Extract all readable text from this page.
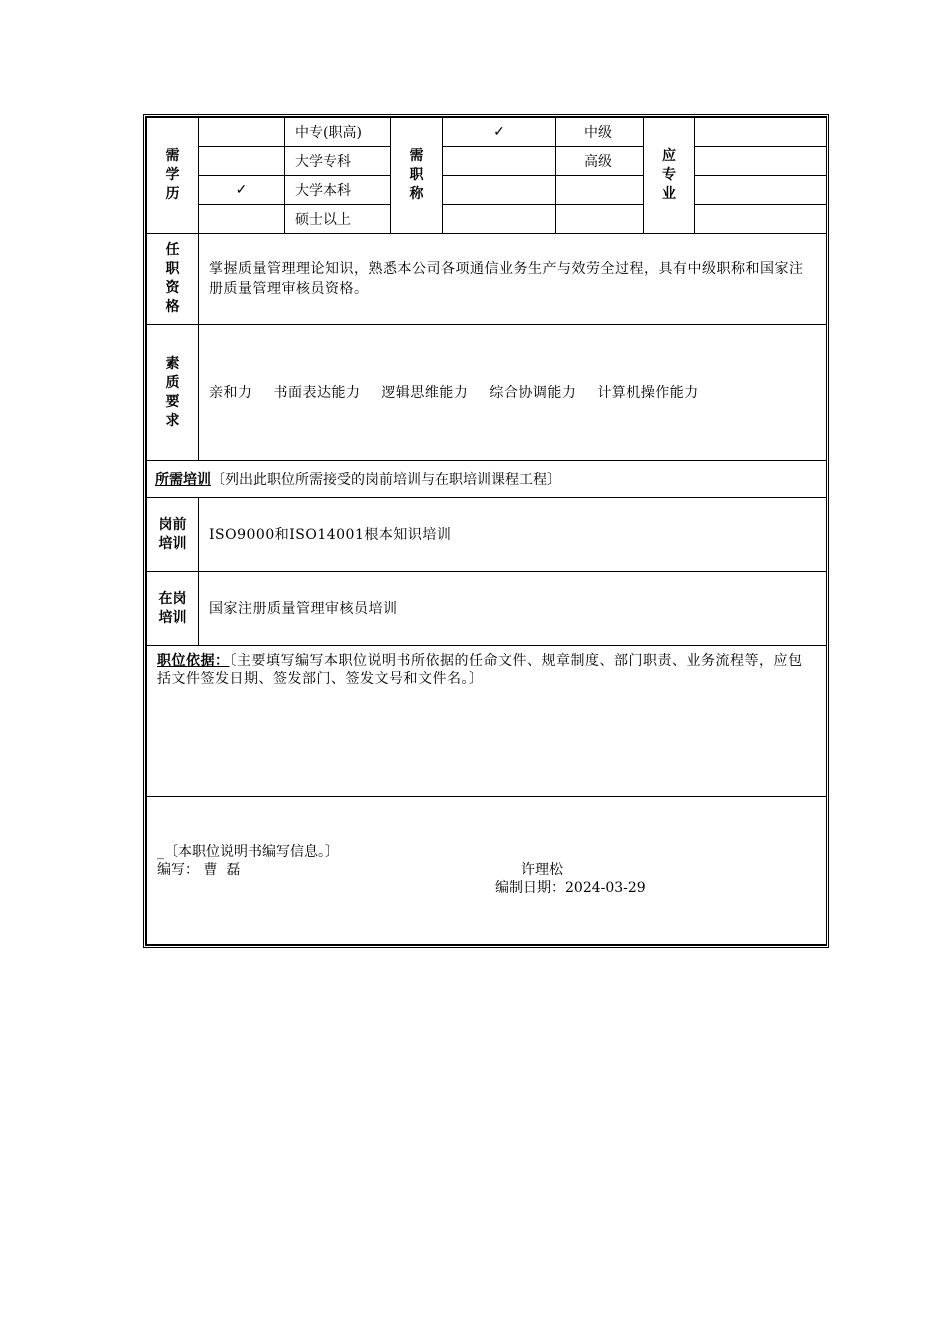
需学历		中专(职高)	需职称	✓	中级	应专业	
		大学专科			高级		
	✓	大学本科					
		硕士以上					
任职资格	掌握质量管理理论知识，熟悉本公司各项通信业务生产与效劳全过程，具有中级职称和国家注册质量管理审核员资格。						
素质要求	亲和力 书面表达能力 逻辑思维能力 综合协调能力 计算机操作能力						
所需培训〔列出此职位所需接受的岗前培训与在职培训课程工程〕							
岗前培训	ISO9000和ISO14001根本知识培训						
在岗培训	国家注册质量管理审核员培训						
职位依据：〔主要填写编写本职位说明书所依据的任命文件、规章制度、部门职责、业务流程等，应包括文件签发日期、签发部门、签发文号和文件名。〕							

_〔本职位说明书编写信息。〕
编写： 曹  磊 许理松
编制日期：2024-03-29							
